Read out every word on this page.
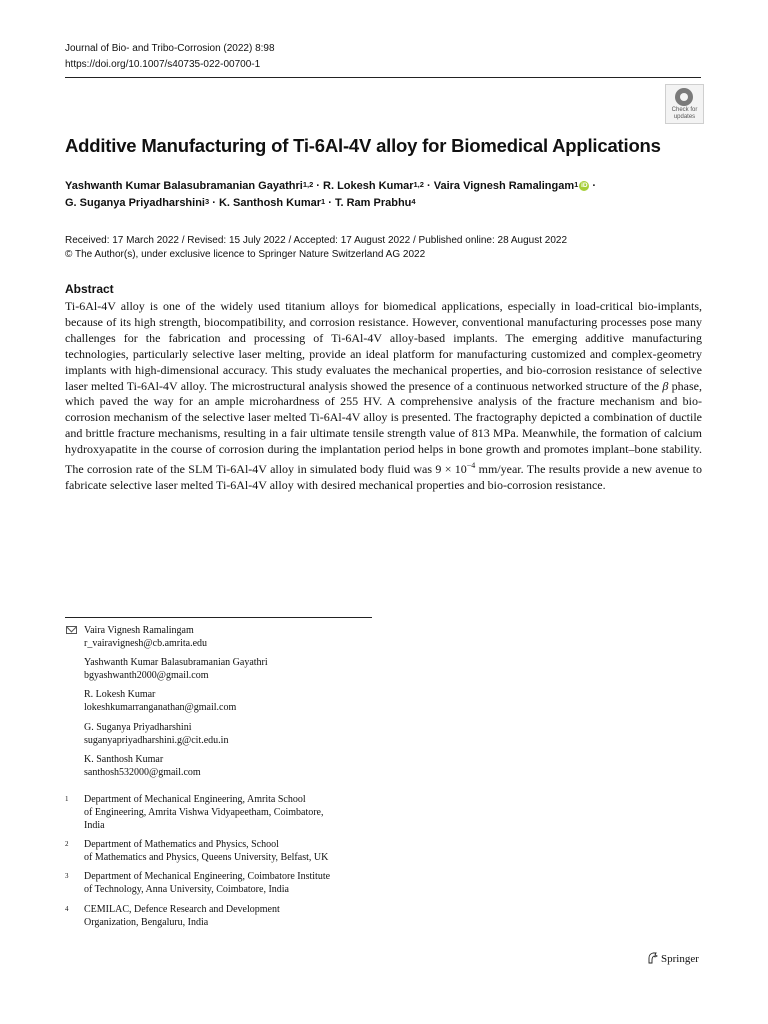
Journal of Bio- and Tribo-Corrosion (2022) 8:98
https://doi.org/10.1007/s40735-022-00700-1
Check for
updates
Additive Manufacturing of Ti-6Al-4V alloy for Biomedical Applications
Yashwanth Kumar Balasubramanian Gayathri$^{1,2}$ · R. Lokesh Kumar$^{1,2}$ · Vaira Vignesh Ramalingam$^1$ iD ·
G. Suganya Priyadharshini$^3$ · K. Santhosh Kumar$^1$ · T. Ram Prabhu$^4$
Received: 17 March 2022 / Revised: 15 July 2022 / Accepted: 17 August 2022 / Published online: 28 August 2022
© The Author(s), under exclusive licence to Springer Nature Switzerland AG 2022
Abstract

Ti-6Al-4V alloy is one of the widely used titanium alloys for biomedical applications, especially in load-critical bio-implants, because of its high strength, biocompatibility, and corrosion resistance. However, conventional manufacturing processes pose many challenges for the fabrication and processing of Ti-6Al-4V alloy-based implants. The emerging additive manufacturing technologies, particularly selective laser melting, provide an ideal platform for manufacturing customized and complex-geometry implants with high-dimensional accuracy. This study evaluates the mechanical properties, and bio-corrosion resistance of selective laser melted Ti-6Al-4V alloy. The microstructural analysis showed the presence of a continuous networked structure of the β phase, which paved the way for an ample microhardness of 255 HV. A comprehensive analysis of the fracture mechanism and bio-corrosion mechanism of the selective laser melted Ti-6Al-4V alloy is presented. The fractography depicted a combination of ductile and brittle fracture mechanisms, resulting in a fair ultimate tensile strength value of 813 MPa. Meanwhile, the formation of calcium hydroxyapatite in the course of corrosion during the implantation period helps in bone growth and promotes implant–bone stability. The corrosion rate of the SLM Ti-6Al-4V alloy in simulated body fluid was $9 \times 10^{-4}$ mm/year. The results provide a new avenue to fabricate selective laser melted Ti-6Al-4V alloy with desired mechanical properties and bio-corrosion resistance.

Vaira Vignesh Ramalingam
r_vairavignesh@cb.amrita.edu
Yashwanth Kumar Balasubramanian Gayathri
bgyashwanth2000@gmail.com
R. Lokesh Kumar
lokeshkumarranganathan@gmail.com
G. Suganya Priyadharshini
suganyapriyadharshini.g@cit.edu.in
K. Santhosh Kumar
santhosh532000@gmail.com
1 Department of Mechanical Engineering, Amrita School
of Engineering, Amrita Vishwa Vidyapeetham, Coimbatore,
India
2 Department of Mathematics and Physics, School
of Mathematics and Physics, Queens University, Belfast, UK
3 Department of Mechanical Engineering, Coimbatore Institute
of Technology, Anna University, Coimbatore, India
4 CEMILAC, Defence Research and Development
Organization, Bengaluru, India
Springer
